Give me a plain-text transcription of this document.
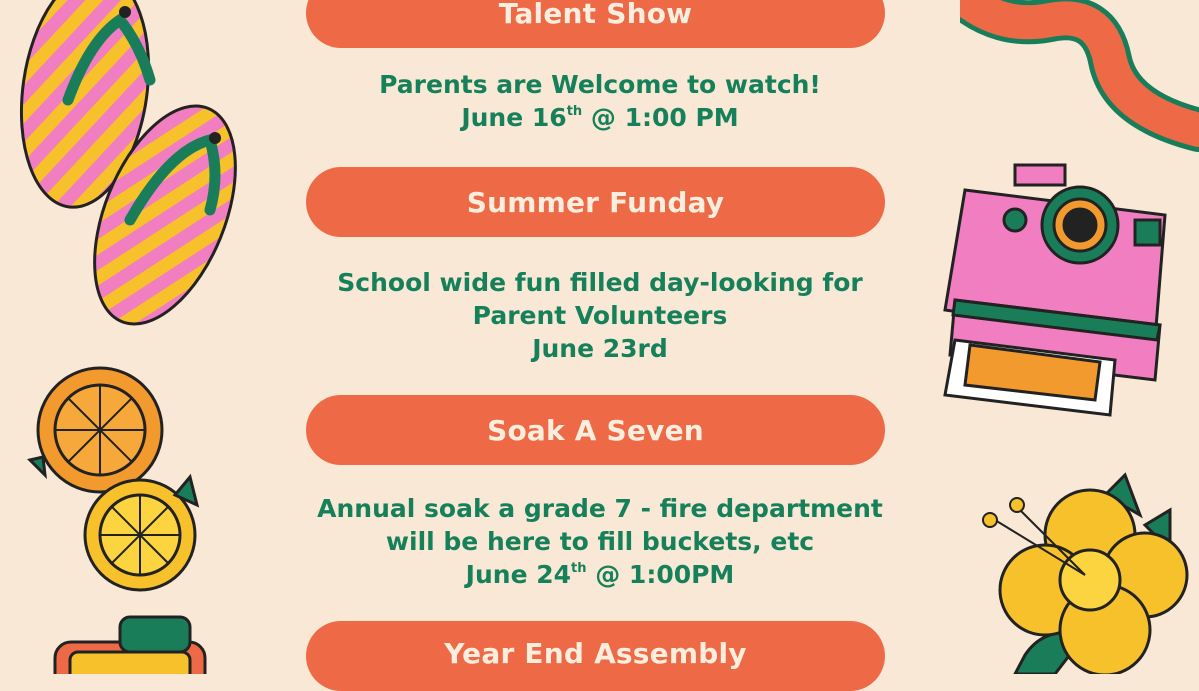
Talent Show
Parents are Welcome to watch!
June 16th @ 1:00 PM
Summer Funday
School wide fun filled day-looking for
Parent Volunteers
June 23rd
Soak A Seven
Annual soak a grade 7 - fire department
will be here to fill buckets, etc
June 24th @ 1:00PM
Year End Assembly
